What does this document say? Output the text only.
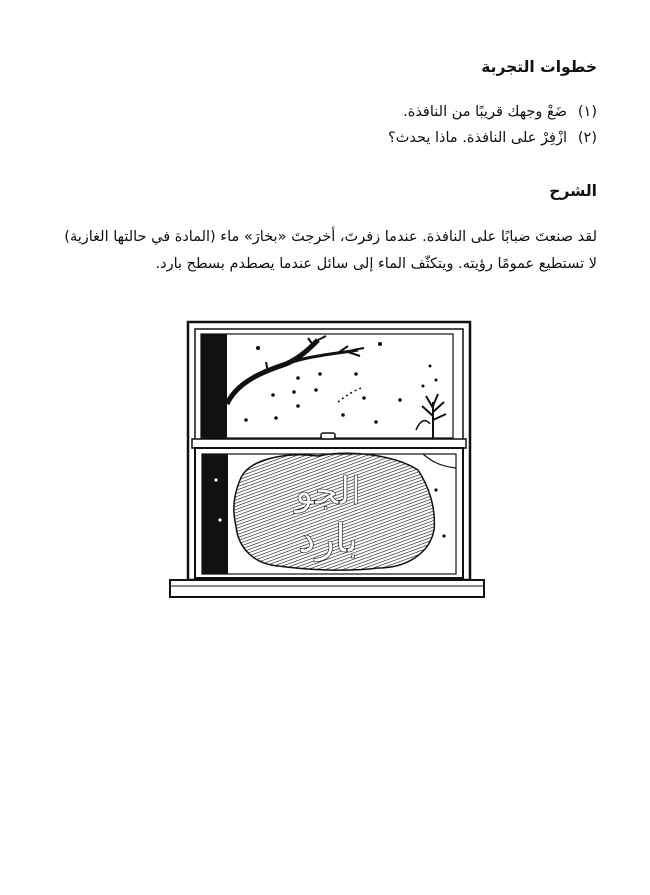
خطوات التجربة
(١)
ضَعْ وجهك قريبًا من النافذة.
(٢)
ازْفِرْ على النافذة. ماذا يحدث؟
الشرح

لقد صنعتَ ضبابًا على النافذة. عندما زفرتَ، أخرجتَ «بخارَ» ماء (المادة في حالتها الغازية)

لا تستطيع عمومًا رؤيته. ويتكثّف الماء إلى سائل عندما يصطدم بسطح بارد.

الجو
بارد
